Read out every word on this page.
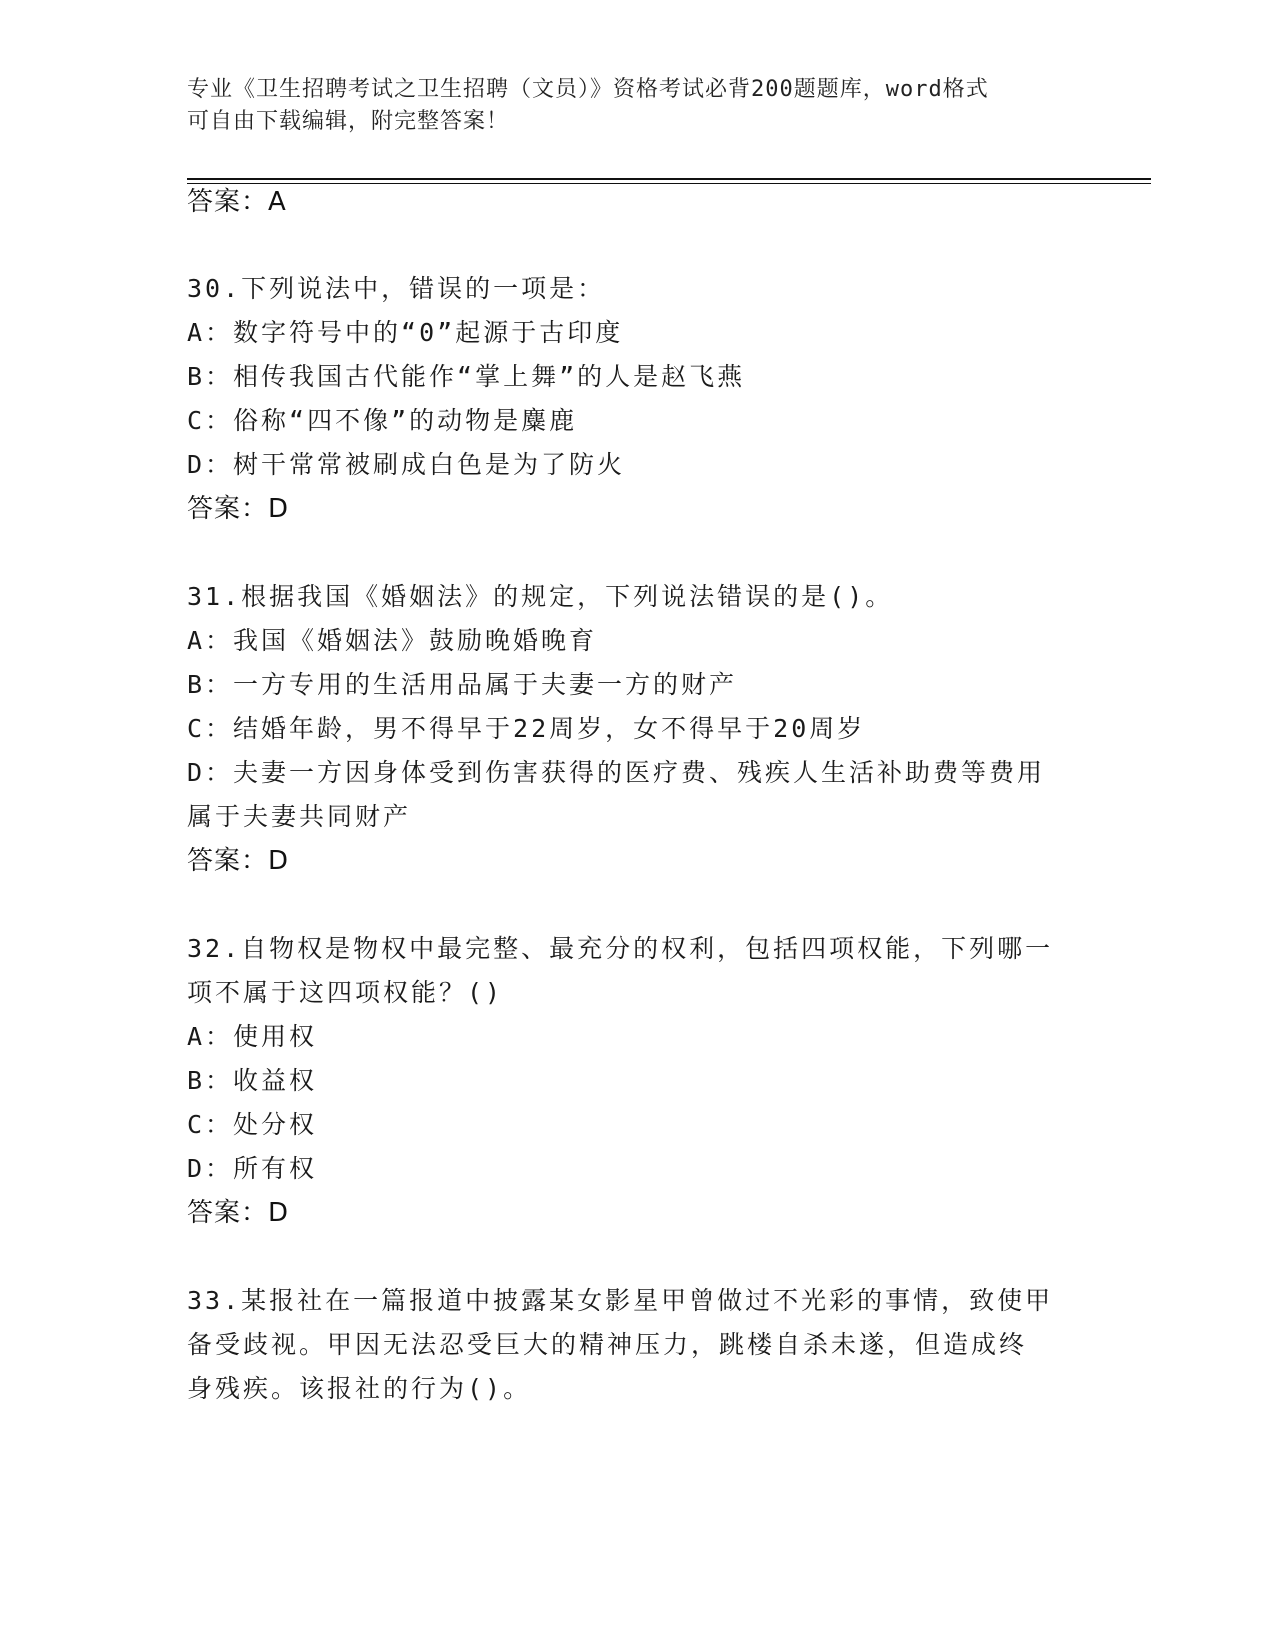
专业《卫生招聘考试之卫生招聘（文员）》资格考试必背200题题库，word格式
可自由下载编辑，附完整答案！
答案：A
30.下列说法中，错误的一项是：
A：数字符号中的“0”起源于古印度
B：相传我国古代能作“掌上舞”的人是赵飞燕
C：俗称“四不像”的动物是麋鹿
D：树干常常被刷成白色是为了防火
答案：D
31.根据我国《婚姻法》的规定，下列说法错误的是()。
A：我国《婚姻法》鼓励晚婚晚育
B：一方专用的生活用品属于夫妻一方的财产
C：结婚年龄，男不得早于22周岁，女不得早于20周岁
D：夫妻一方因身体受到伤害获得的医疗费、残疾人生活补助费等费用
属于夫妻共同财产
答案：D
32.自物权是物权中最完整、最充分的权利，包括四项权能，下列哪一
项不属于这四项权能？()
A：使用权
B：收益权
C：处分权
D：所有权
答案：D
33.某报社在一篇报道中披露某女影星甲曾做过不光彩的事情，致使甲
备受歧视。甲因无法忍受巨大的精神压力，跳楼自杀未遂，但造成终
身残疾。该报社的行为()。
